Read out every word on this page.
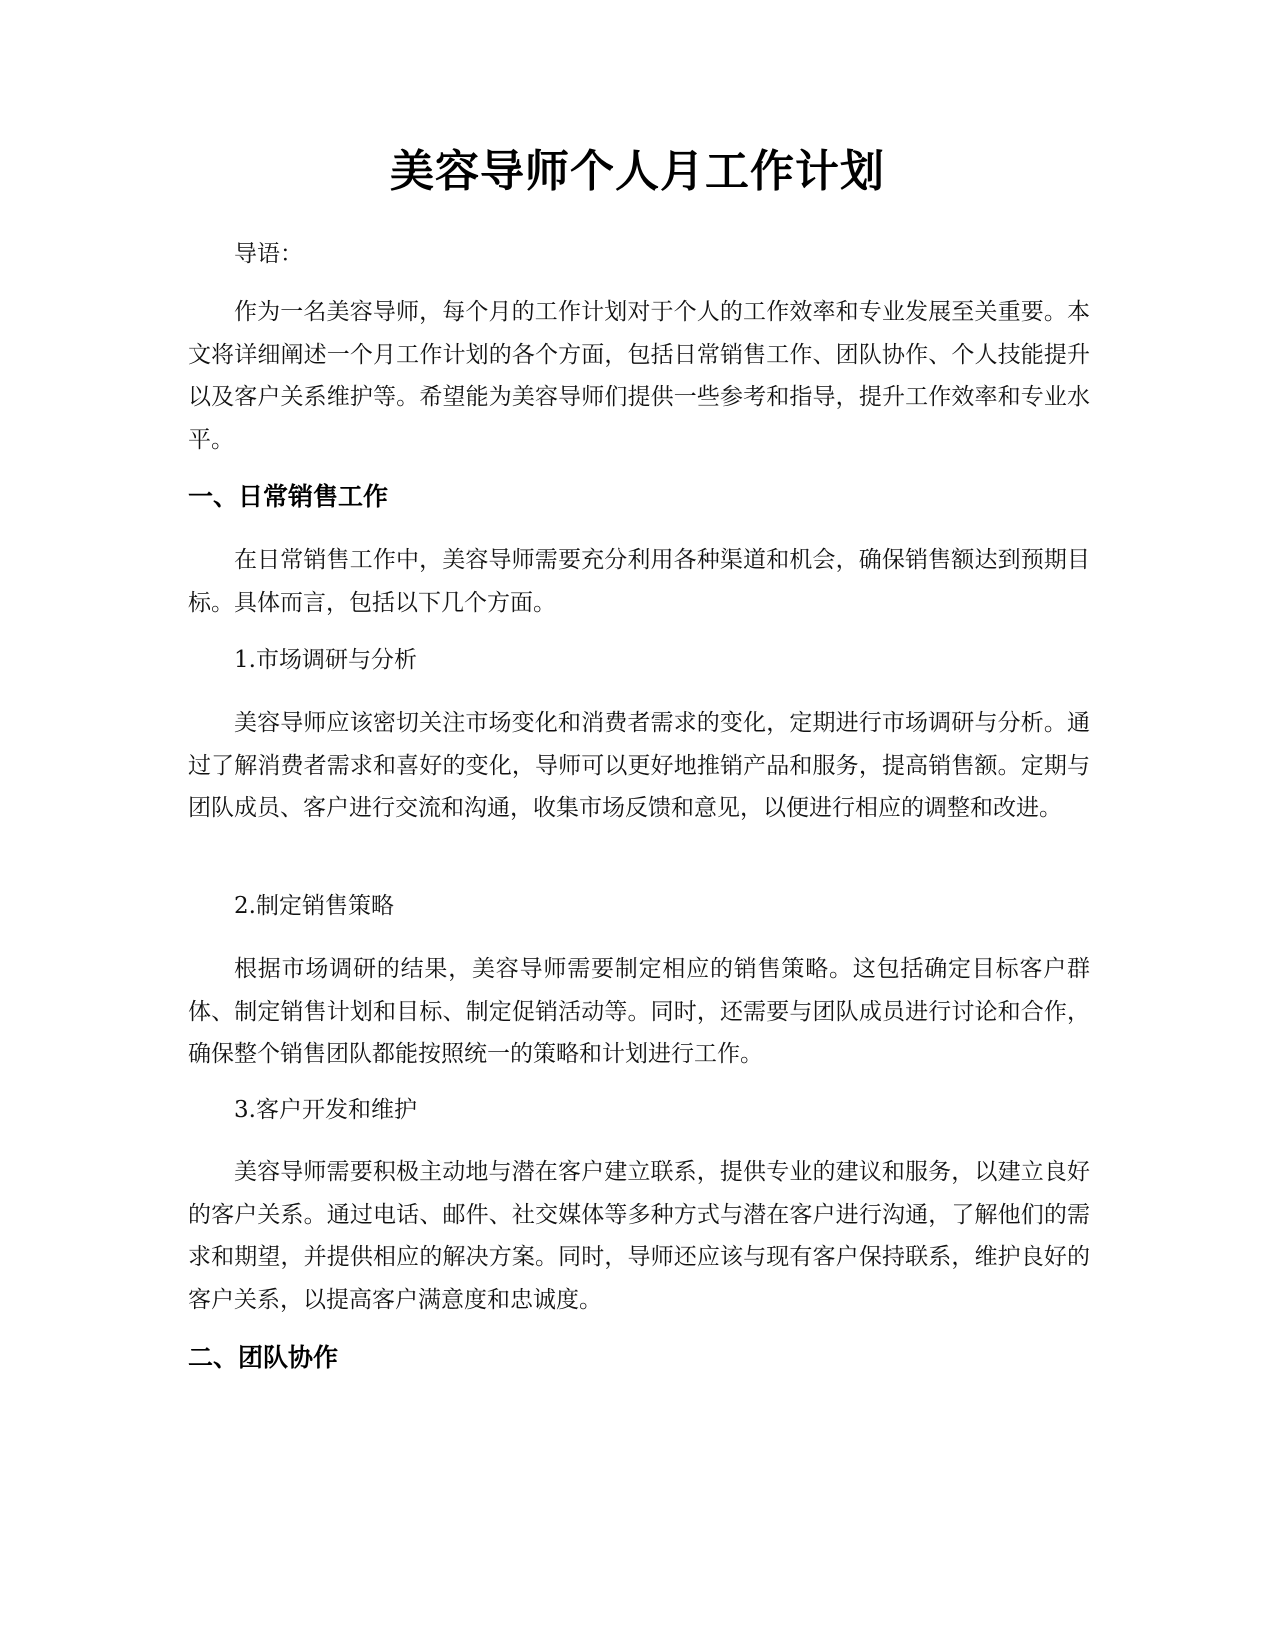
美容导师个人月工作计划
导语：
作为一名美容导师，每个月的工作计划对于个人的工作效率和专业发展至关重要。本文将详细阐述一个月工作计划的各个方面，包括日常销售工作、团队协作、个人技能提升以及客户关系维护等。希望能为美容导师们提供一些参考和指导，提升工作效率和专业水平。
一、日常销售工作
在日常销售工作中，美容导师需要充分利用各种渠道和机会，确保销售额达到预期目标。具体而言，包括以下几个方面。
1.市场调研与分析
美容导师应该密切关注市场变化和消费者需求的变化，定期进行市场调研与分析。通过了解消费者需求和喜好的变化，导师可以更好地推销产品和服务，提高销售额。定期与团队成员、客户进行交流和沟通，收集市场反馈和意见，以便进行相应的调整和改进。
2.制定销售策略
根据市场调研的结果，美容导师需要制定相应的销售策略。这包括确定目标客户群体、制定销售计划和目标、制定促销活动等。同时，还需要与团队成员进行讨论和合作，确保整个销售团队都能按照统一的策略和计划进行工作。
3.客户开发和维护
美容导师需要积极主动地与潜在客户建立联系，提供专业的建议和服务，以建立良好的客户关系。通过电话、邮件、社交媒体等多种方式与潜在客户进行沟通，了解他们的需求和期望，并提供相应的解决方案。同时，导师还应该与现有客户保持联系，维护良好的客户关系，以提高客户满意度和忠诚度。
二、团队协作
